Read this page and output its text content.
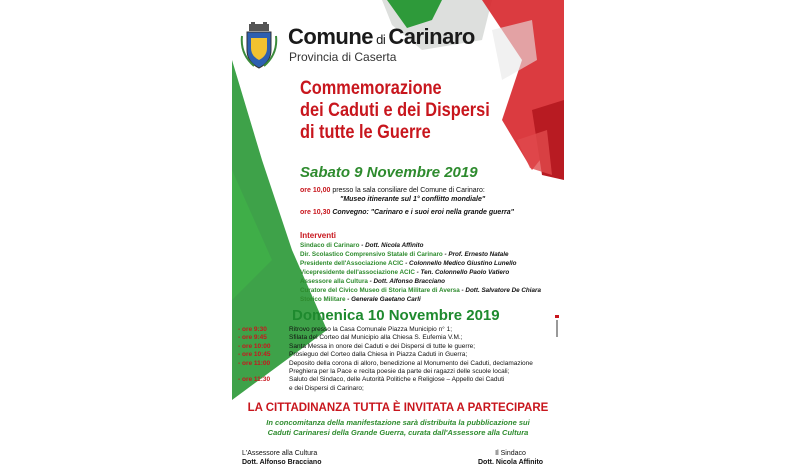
Comune di Carinaro
Provincia di Caserta
Commemorazione
dei Caduti e dei Dispersi
di tutte le Guerre
Sabato 9 Novembre 2019
ore 10,00 presso la sala consiliare del Comune di Carinaro:
"Museo itinerante sul 1° conflitto mondiale"
ore 10,30 Convegno: "Carinaro e i suoi eroi nella grande guerra"
Interventi
Sindaco di Carinaro - Dott. Nicola Affinito
Dir. Scolastico Comprensivo Statale di Carinaro - Prof. Ernesto Natale
Presidente dell'Associazione ACIC - Colonnello Medico Giustino Lunello
Vicepresidente dell'associazione ACIC - Ten. Colonnello Paolo Vatiero
Assessore alla Cultura - Dott. Alfonso Bracciano
Curatore del Civico Museo di Storia Militare di Aversa - Dott. Salvatore De Chiara
Storico Militare - Generale Gaetano Carli
Domenica 10 Novembre 2019
- ore 9:30	Ritrovo presso la Casa Comunale Piazza Municipio n° 1;
- ore 9:45	Sfilata del Corteo dal Municipio alla Chiesa S. Eufemia V.M.;
- ore 10:00	Santa Messa in onore dei Caduti e dei Dispersi di tutte le guerre;
- ore 10:45	Prosieguo del Corteo dalla Chiesa in Piazza Caduti in Guerra;
- ore 11:00	Deposito della corona di alloro, benedizione al Monumento dei Caduti, declamazione
Preghiera per la Pace e recita poesie da parte dei ragazzi delle scuole locali;
- ore 11:30	Saluto del Sindaco, delle Autorità Politiche e Religiose – Appello dei Caduti
e dei Dispersi di Carinaro;
LA CITTADINANZA TUTTA È INVITATA A PARTECIPARE
In concomitanza della manifestazione sarà distribuita la pubblicazione sui
Caduti Carinaresi della Grande Guerra, curata dall'Assessore alla Cultura
L'Assessore alla Cultura
Dott. Alfonso Bracciano
Il Sindaco
Dott. Nicola Affinito
